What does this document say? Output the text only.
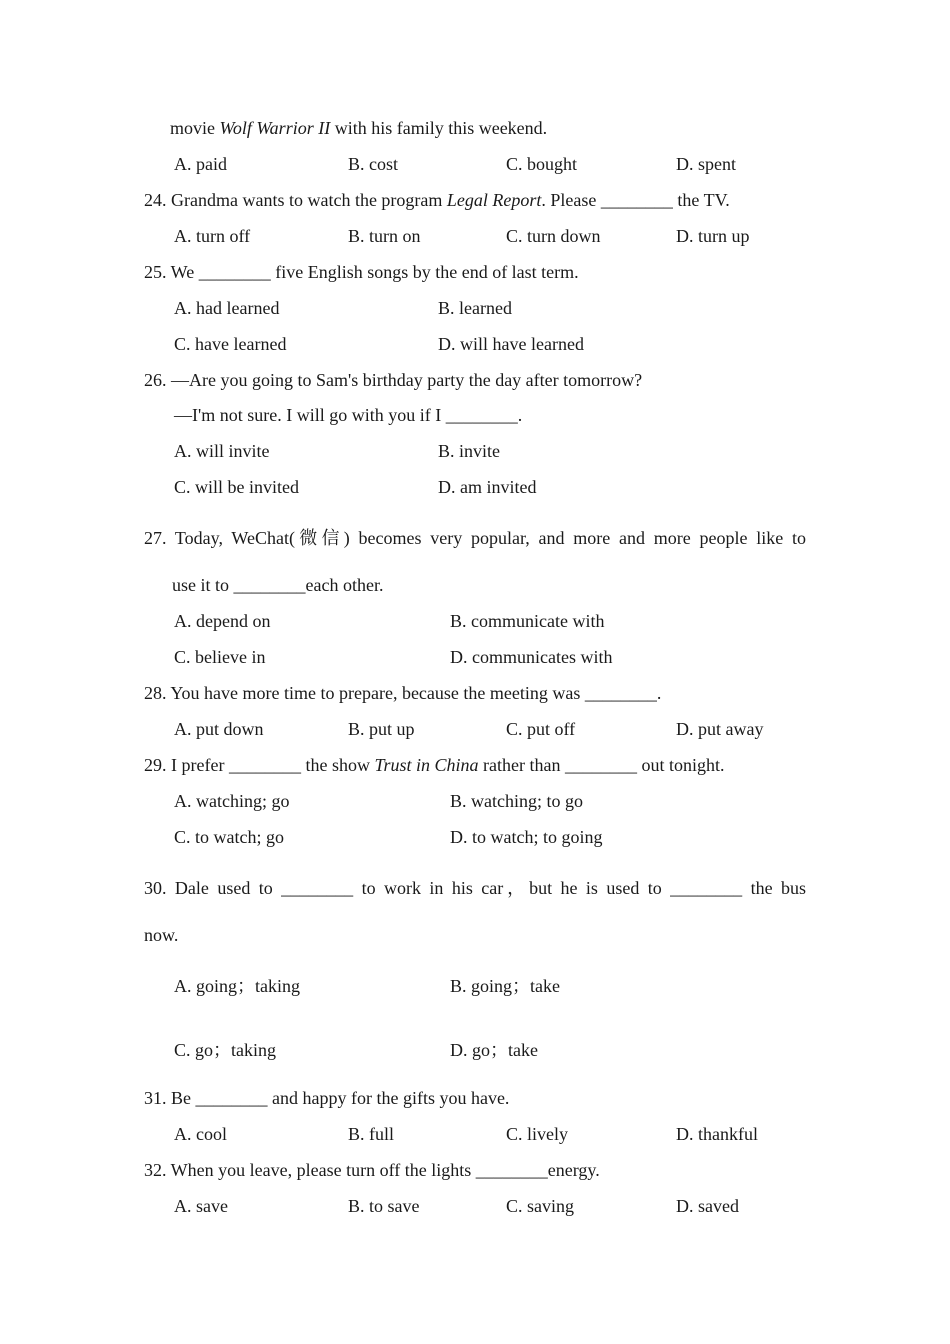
movie Wolf Warrior II with his family this weekend.
A. paid	B. cost	C. bought	D. spent
24. Grandma wants to watch the program Legal Report. Please ________ the TV.
A. turn off	B. turn on	C. turn down	D. turn up
25. We ________ five English songs by the end of last term.
A. had learned	B. learned
C. have learned	D. will have learned
26. —Are you going to Sam's birthday party the day after tomorrow?
—I'm not sure. I will go with you if I ________.
A. will invite	B. invite
C. will be invited	D. am invited
27. Today, WeChat(微信) becomes very popular, and more and more people like to
use it to ________each other.
A. depend on	B. communicate with
C. believe in	D. communicates with
28. You have more time to prepare, because the meeting was ________.
A. put down	B. put up	C. put off	D. put away
29. I prefer ________ the show Trust in China rather than ________ out tonight.
A. watching; go	B. watching; to go
C. to watch; go	D. to watch; to going
30. Dale used to ________ to work in his car，but he is used to ________ the bus
now.
A. going；taking	B. going；take
C. go；taking	D. go；take
31. Be ________ and happy for the gifts you have.
A. cool	B. full	C. lively	D. thankful
32. When you leave, please turn off the lights ________energy.
A. save	B. to save	C. saving	D. saved
